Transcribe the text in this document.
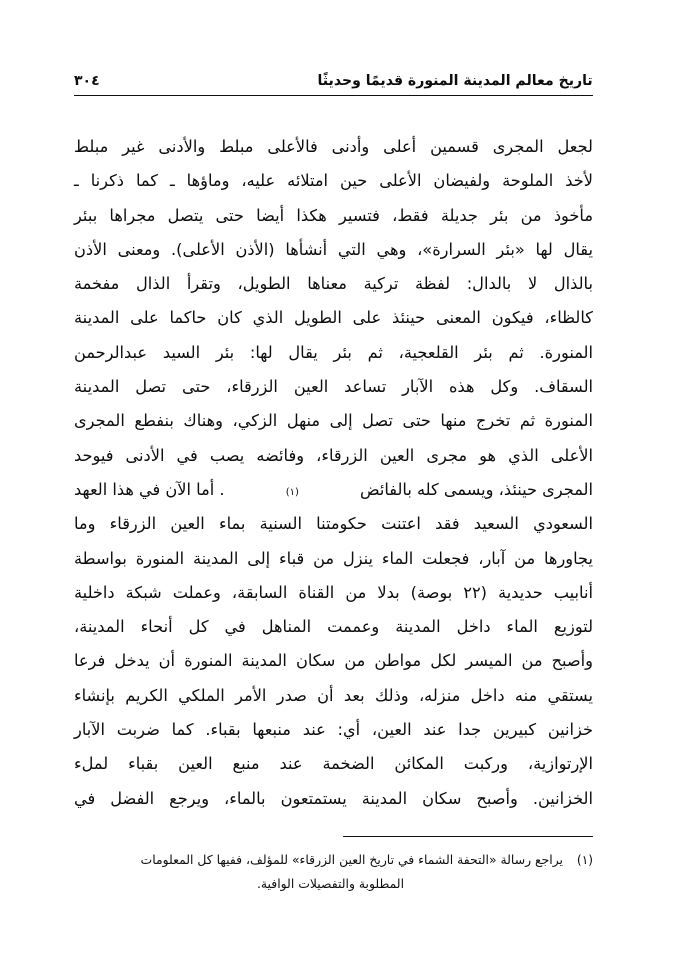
تاريخ معالم المدينة المنورة قديمًا وحديثًا
٣٠٤
لجعل المجرى قسمين أعلى وأدنى فالأعلى مبلط والأدنى غير مبلط
لأخذ الملوحة ولفيضان الأعلى حين امتلائه عليه، وماؤها ـ كما ذكرنا ـ
مأخوذ من بئر جديلة فقط، فتسير هكذا أيضا حتى يتصل مجراها ببئر
يقال لها «بئر السرارة»، وهي التي أنشأها (الأذن الأعلى). ومعنى الأذن
بالذال لا بالدال: لفظة تركية معناها الطويل، وتقرأ الذال مفخمة
كالظاء، فيكون المعنى حينئذ على الطويل الذي كان حاكما على المدينة
المنورة. ثم بئر القلعجية، ثم بئر يقال لها: بئر السيد عبدالرحمن
السقاف. وكل هذه الآبار تساعد العين الزرقاء، حتى تصل المدينة
المنورة ثم تخرج منها حتى تصل إلى منهل الزكي، وهناك بنفطع المجرى
الأعلى الذي هو مجرى العين الزرقاء، وفائضه يصب في الأدنى فيوحد
المجرى حينئذ، ويسمى كله بالفائض
(١)
. أما الآن في هذا العهد
السعودي السعيد فقد اعتنت حكومتنا السنية بماء العين الزرقاء وما
يجاورها من آبار، فجعلت الماء ينزل من قباء إلى المدينة المنورة بواسطة
أنابيب حديدية (٢٢ بوصة) بدلا من القناة السابقة، وعملت شبكة داخلية
لتوزيع الماء داخل المدينة وعممت المناهل في كل أنحاء المدينة،
وأصبح من الميسر لكل مواطن من سكان المدينة المنورة أن يدخل فرعا
يستقي منه داخل منزله، وذلك بعد أن صدر الأمر الملكي الكريم بإنشاء
خزانين كبيرين جدا عند العين، أي: عند منبعها بقباء. كما ضربت الآبار
الإرتوازية، وركبت المكائن الضخمة عند منبع العين بقباء لملء
الخزانين. وأصبح سكان المدينة يستمتعون بالماء، ويرجع الفضل في
(١)
يراجع رسالة «التحفة الشماء في تاريخ العين الزرقاء» للمؤلف، ففيها كل المعلومات
المطلوبة والتفصيلات الوافية.
